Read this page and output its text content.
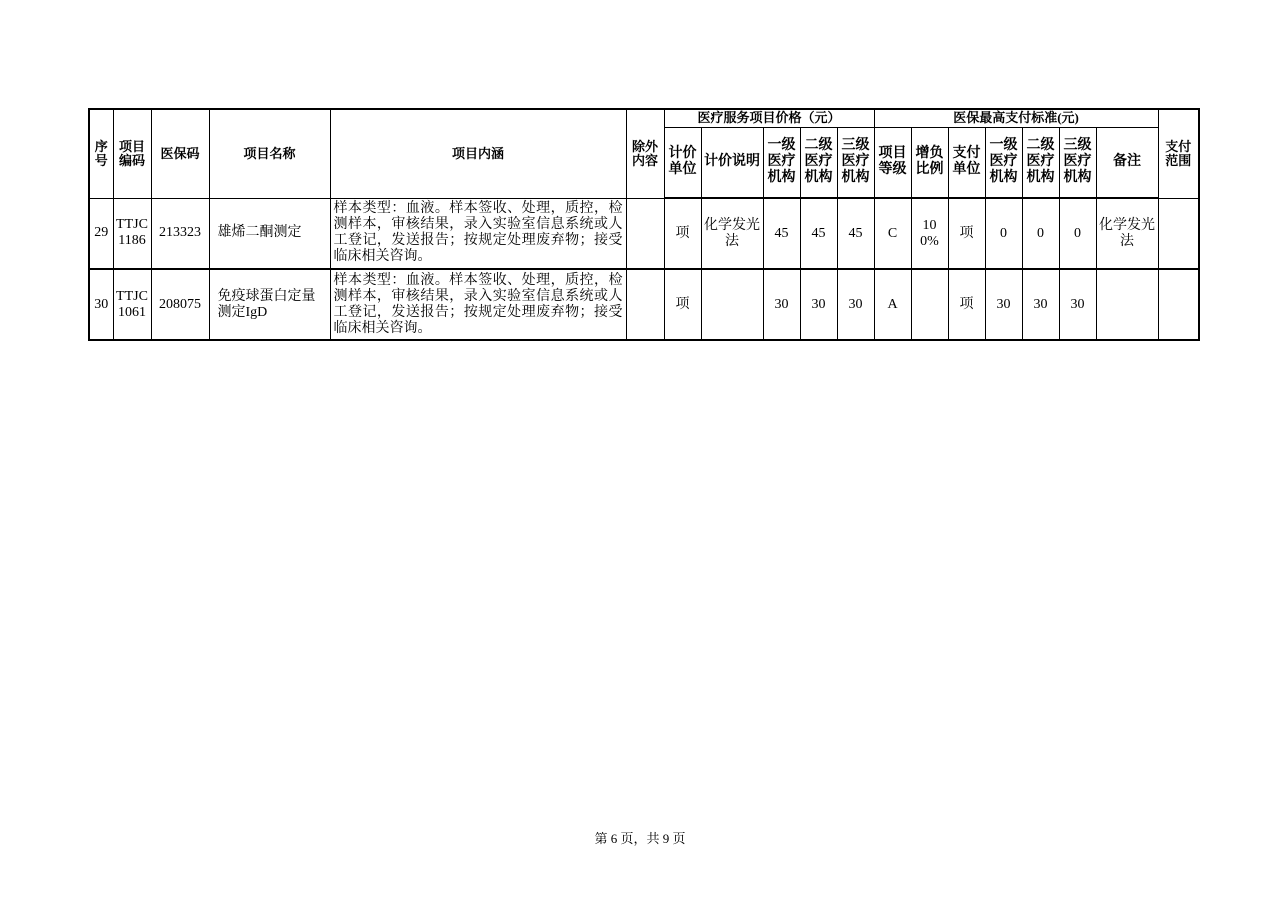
序号	项目编码	医保码	项目名称	项目内涵	除外内容	医疗服务项目价格（元）					医保最高支付标准(元)							支付范围
						计价单位	计价说明	一级医疗机构	二级医疗机构	三级医疗机构	项目等级	增负比例	支付单位	一级医疗机构	二级医疗机构	三级医疗机构	备注	
29	TTJC 1186	213323	雄烯二酮测定	样本类型：血液。样本签收、处理，质控，检测样本，审核结果，录入实验室信息系统或人工登记，发送报告；按规定处理废弃物；接受临床相关咨询。		项	化学发光法	45	45	45	C	100%	项	0	0	0	化学发光法	
30	TTJC 1061	208075	免疫球蛋白定量测定IgD	样本类型：血液。样本签收、处理，质控，检测样本，审核结果，录入实验室信息系统或人工登记，发送报告；按规定处理废弃物；接受临床相关咨询。		项		30	30	30	A		项	30	30	30		
第 6 页，共 9 页
